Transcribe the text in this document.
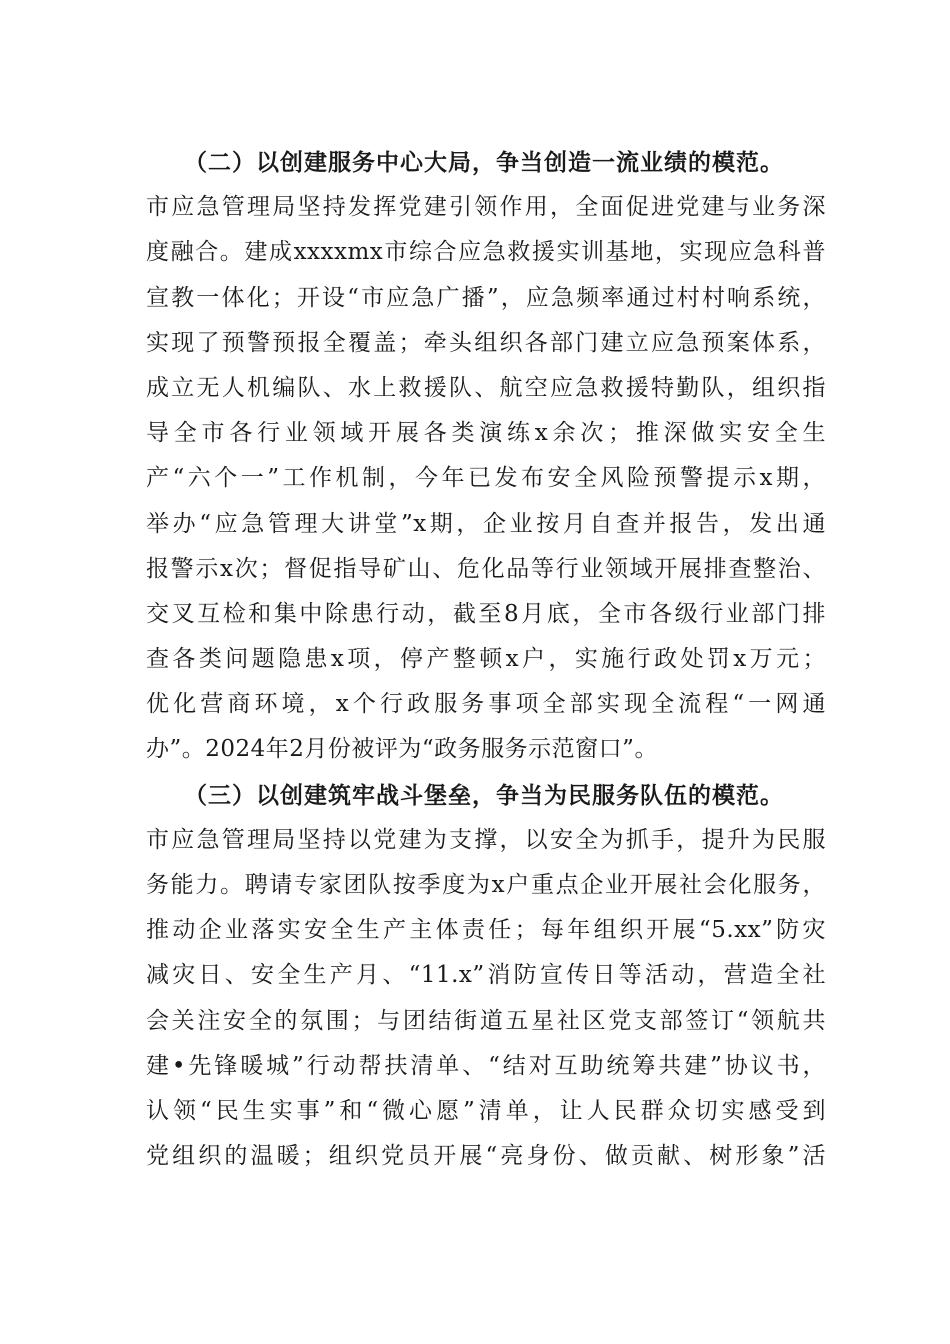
（二）以创建服务中心大局，争当创造一流业绩的模范。
市应急管理局坚持发挥党建引领作用，全面促进党建与业务深
度融合。建成xxxxmx市综合应急救援实训基地，实现应急科普
宣教一体化；开设“市应急广播”，应急频率通过村村响系统，
实现了预警预报全覆盖；牵头组织各部门建立应急预案体系，
成立无人机编队、水上救援队、航空应急救援特勤队，组织指
导全市各行业领域开展各类演练x余次；推深做实安全生
产“六个一”工作机制，今年已发布安全风险预警提示x期，
举办“应急管理大讲堂”x期，企业按月自查并报告，发出通
报警示x次；督促指导矿山、危化品等行业领域开展排查整治、
交叉互检和集中除患行动，截至8月底，全市各级行业部门排
查各类问题隐患x项，停产整顿x户，实施行政处罚x万元；
优化营商环境，x个行政服务事项全部实现全流程“一网通
办”。2024年2月份被评为“政务服务示范窗口”。
（三）以创建筑牢战斗堡垒，争当为民服务队伍的模范。
市应急管理局坚持以党建为支撑，以安全为抓手，提升为民服
务能力。聘请专家团队按季度为x户重点企业开展社会化服务，
推动企业落实安全生产主体责任；每年组织开展“5.xx”防灾
减灾日、安全生产月、“11.x”消防宣传日等活动，营造全社
会关注安全的氛围；与团结街道五星社区党支部签订“领航共
建•先锋暖城”行动帮扶清单、“结对互助统筹共建”协议书，
认领“民生实事”和“微心愿”清单，让人民群众切实感受到
党组织的温暖；组织党员开展“亮身份、做贡献、树形象”活
